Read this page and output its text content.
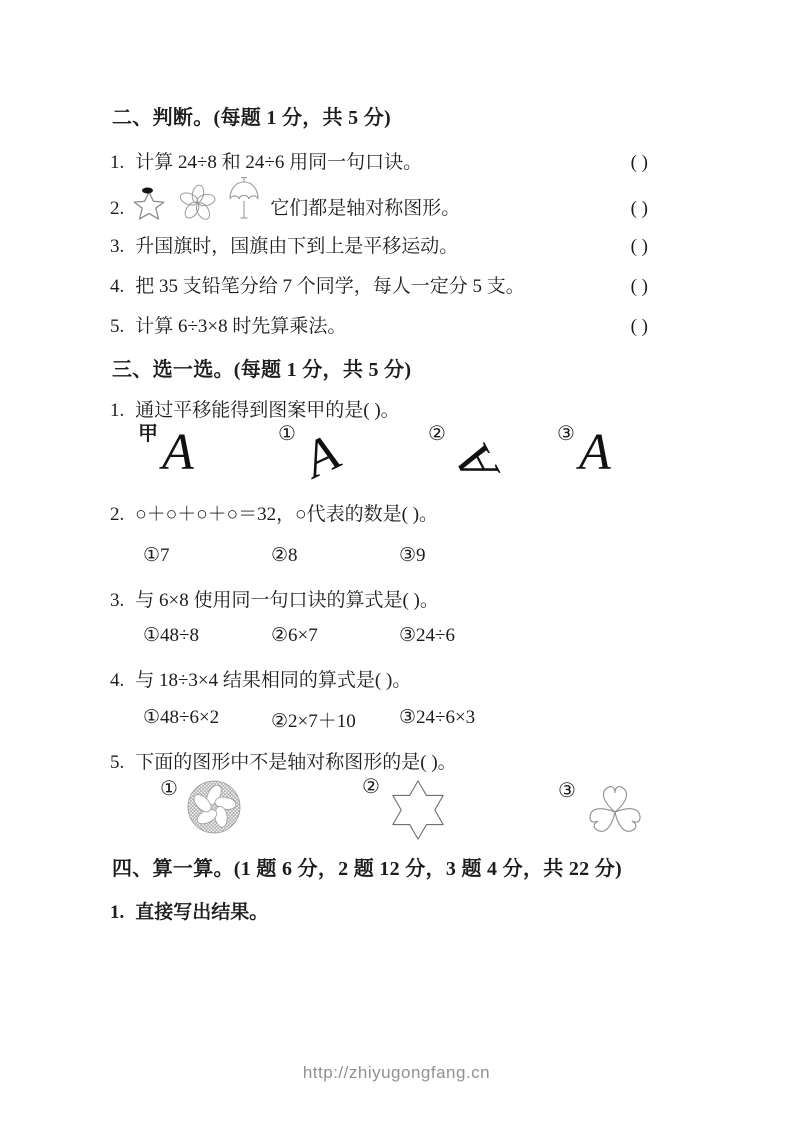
二、判断。(每题 1 分，共 5 分)
1. 计算 24÷8 和 24÷6 用同一句口诀。	( )
2.	它们都是轴对称图形。	( )
3. 升国旗时，国旗由下到上是平移运动。	( )
4. 把 35 支铅笔分给 7 个同学，每人一定分 5 支。	( )
5. 计算 6÷3×8 时先算乘法。	( )
三、选一选。(每题 1 分，共 5 分)
1. 通过平移能得到图案甲的是( )。
甲 A	① A	②
A
③ A
2. ○＋○＋○＋○＝32，○代表的数是( )。
①7	②8	③9
3. 与 6×8 使用同一句口诀的算式是( )。
①48÷8	②6×7	③24÷6
4. 与 18÷3×4 结果相同的算式是( )。
①48÷6×2	②2×7＋10	③24÷6×3
5. 下面的图形中不是轴对称图形的是( )。
①	②	③
四、算一算。(1 题 6 分，2 题 12 分，3 题 4 分，共 22 分)
1. 直接写出结果。
http://zhiyugongfang.cn
